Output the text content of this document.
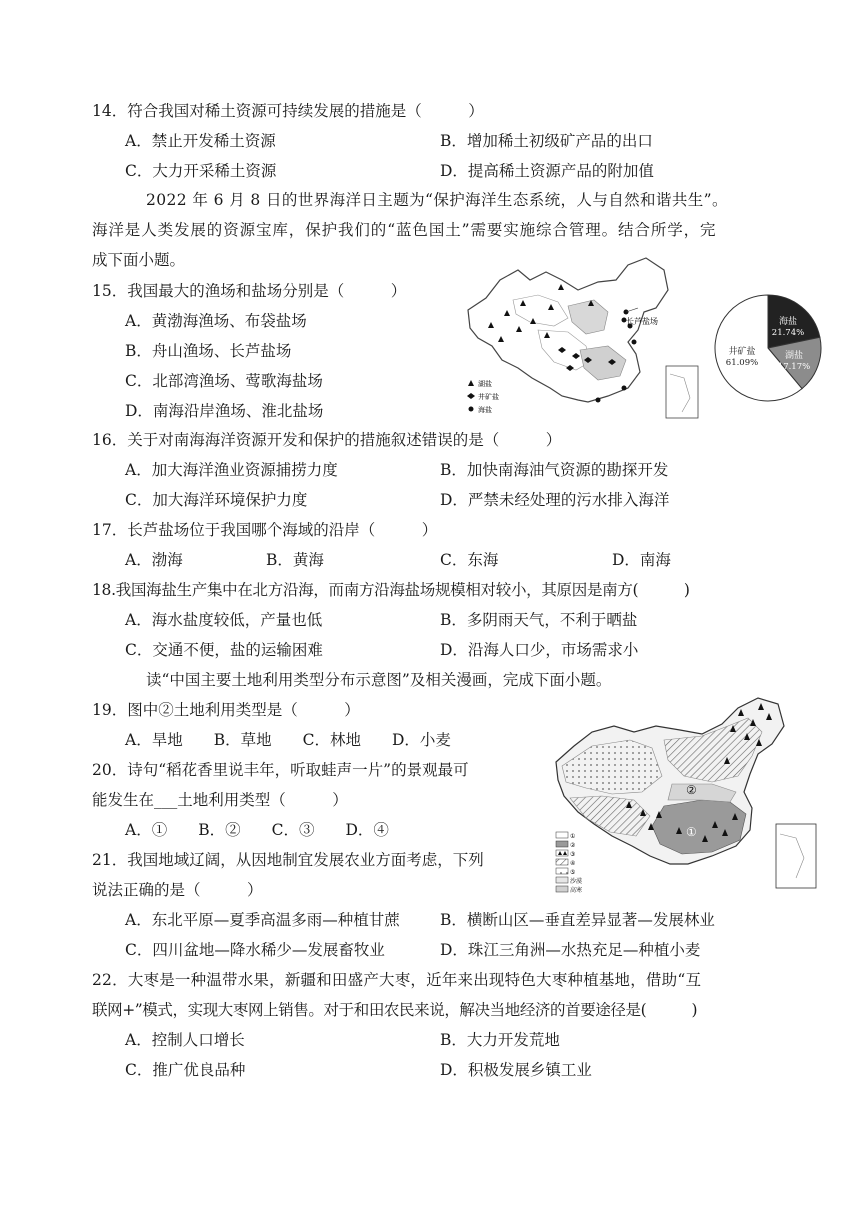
14．符合我国对稀土资源可持续发展的措施是（　　　）
A．禁止开发稀土资源	B．增加稀土初级矿产品的出口
C．大力开采稀土资源	D．提高稀土资源产品的附加值
2022 年 6 月 8 日的世界海洋日主题为“保护海洋生态系统，人与自然和谐共生”。
海洋是人类发展的资源宝库，保护我们的“蓝色国土”需要实施综合管理。结合所学，完
成下面小题。
15．我国最大的渔场和盐场分别是（　　　）
A．黄渤海渔场、布袋盐场
B．舟山渔场、长芦盐场
C．北部湾渔场、莺歌海盐场
D．南海沿岸渔场、淮北盐场
长芦盐场
湖盐
井矿盐
海盐
海盐
21.74%
湖盐
17.17%
井矿盐
61.09%
16．关于对南海海洋资源开发和保护的措施叙述错误的是（　　　）
A．加大海洋渔业资源捕捞力度	B．加快南海油气资源的勘探开发
C．加大海洋环境保护力度	D．严禁未经处理的污水排入海洋
17．长芦盐场位于我国哪个海域的沿岸（　　　）
A．渤海	B．黄海	C．东海	D．南海
18.我国海盐生产集中在北方沿海，而南方沿海盐场规模相对较小，其原因是南方(　　　)
A．海水盐度较低，产量也低	B．多阴雨天气，不利于晒盐
C．交通不便，盐的运输困难	D．沿海人口少，市场需求小
读“中国主要土地利用类型分布示意图”及相关漫画，完成下面小题。
19．图中②土地利用类型是（　　　）
A．旱地　　B．草地　　C．林地　　D．小麦
20．诗句“稻花香里说丰年，听取蛙声一片”的景观最可
能发生在___土地利用类型（　　　）
A．①　　B．②　　C．③　　D．④	①
②
①
②
③
④
⑤
沙漠
高寒
21．我国地域辽阔，从因地制宜发展农业方面考虑，下列
说法正确的是（　　　）
A．东北平原—夏季高温多雨—种植甘蔗	B．横断山区—垂直差异显著—发展林业
C．四川盆地—降水稀少—发展畜牧业	D．珠江三角洲—水热充足—种植小麦
22．大枣是一种温带水果，新疆和田盛产大枣，近年来出现特色大枣种植基地，借助“互
联网+”模式，实现大枣网上销售。对于和田农民来说，解决当地经济的首要途径是(　　　)
A．控制人口增长	B．大力开发荒地
C．推广优良品种	D．积极发展乡镇工业
